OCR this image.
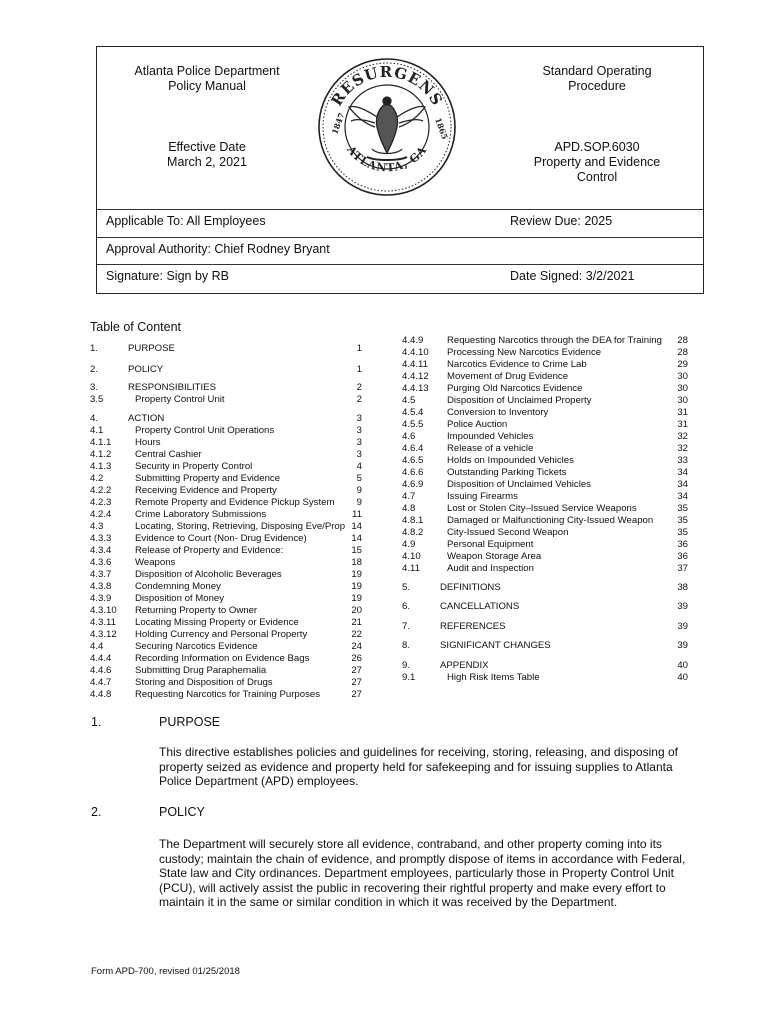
Atlanta Police Department
Policy Manual
Standard Operating
Procedure
Effective Date
March 2, 2021
APD.SOP.6030
Property and Evidence
Control
RESURGENS
ATLANTA, GA
1847	1865
Applicable To: All Employees	Review Due: 2025
Approval Authority: Chief Rodney Bryant
Signature: Sign by RB	Date Signed: 3/2/2021
Table of Content
1.	PURPOSE	1
2.	POLICY	1
3.	RESPONSIBILITIES	2
3.5	Property Control Unit	2
4.	ACTION	3
4.1	Property Control Unit Operations	3
4.1.1 Hours	3
4.1.2 Central Cashier	3
4.1.3 Security in Property Control	4
4.2	Submitting Property and Evidence	5
4.2.2 Receiving Evidence and Property	9
4.2.3 Remote Property and Evidence Pickup System	9
4.2.4 Crime Laboratory Submissions	11
4.3	Locating, Storing, Retrieving, Disposing Eve/Prop 14
4.3.3 Evidence to Court (Non- Drug Evidence)	14
4.3.4 Release of Property and Evidence:	15
4.3.6 Weapons	18
4.3.7 Disposition of Alcoholic Beverages	19
4.3.8 Condemning Money	19
4.3.9 Disposition of Money	19
4.3.10 Returning Property to Owner	20
4.3.11 Locating Missing Property or Evidence	21
4.3.12 Holding Currency and Personal Property	22
4.4	Securing Narcotics Evidence	24
4.4.4 Recording Information on Evidence Bags	26
4.4.6 Submitting Drug Paraphernalia	27
4.4.7 Storing and Disposition of Drugs	27
4.4.8 Requesting Narcotics for Training Purposes	27
4.4.9 Requesting Narcotics through the DEA for Training	28
4.4.10 Processing New Narcotics Evidence	28
4.4.11 Narcotics Evidence to Crime Lab	29
4.4.12 Movement of Drug Evidence	30
4.4.13 Purging Old Narcotics Evidence	30
4.5	Disposition of Unclaimed Property	30
4.5.4 Conversion to Inventory	31
4.5.5 Police Auction	31
4.6	Impounded Vehicles	32
4.6.4 Release of a vehicle	32
4.6.5 Holds on Impounded Vehicles	33
4.6.6 Outstanding Parking Tickets	34
4.6.9 Disposition of Unclaimed Vehicles	34
4.7	Issuing Firearms	34
4.8	Lost or Stolen City–Issued Service Weapons	35
4.8.1 Damaged or Malfunctioning City-Issued Weapon	35
4.8.2 City-Issued Second Weapon	35
4.9	Personal Equipment	36
4.10	Weapon Storage Area	36
4.11	Audit and Inspection	37
5.	DEFINITIONS	38
6.	CANCELLATIONS	39
7.	REFERENCES	39
8.	SIGNIFICANT CHANGES	39
9.	APPENDIX	40
9.1	High Risk Items Table	40
1.	PURPOSE
This directive establishes policies and guidelines for receiving, storing, releasing, and disposing of property seized as evidence and property held for safekeeping and for issuing supplies to Atlanta Police Department (APD) employees.
2.	POLICY
The Department will securely store all evidence, contraband, and other property coming into its custody; maintain the chain of evidence, and promptly dispose of items in accordance with Federal, State law and City ordinances. Department employees, particularly those in Property Control Unit (PCU), will actively assist the public in recovering their rightful property and make every effort to maintain it in the same or similar condition in which it was received by the Department.
Form APD-700, revised 01/25/2018
